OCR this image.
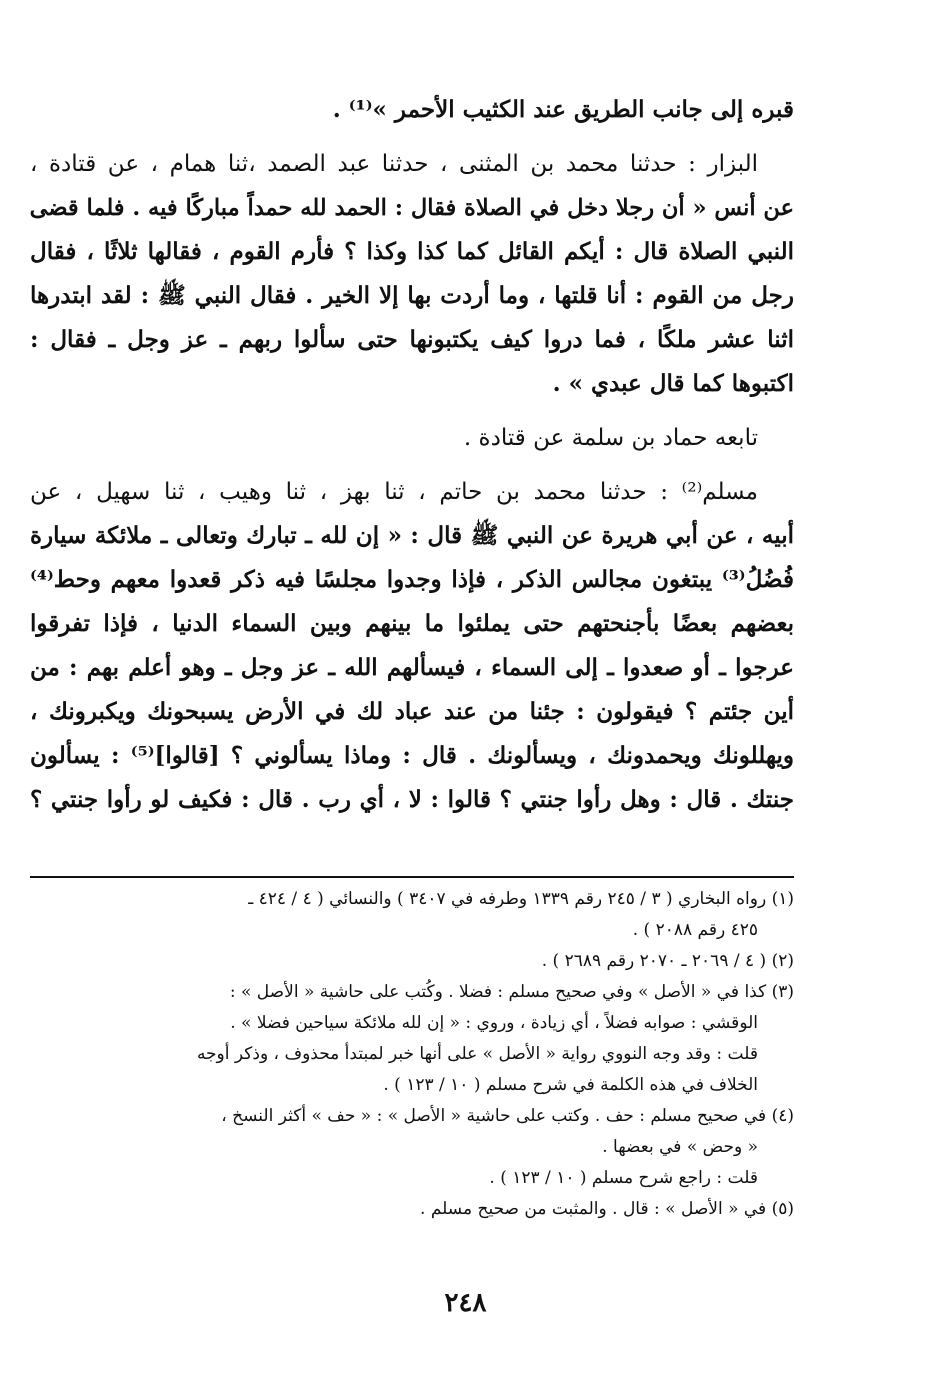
قبره إلى جانب الطريق عند الكثيب الأحمر »⁽¹⁾ .
البزار : حدثنا محمد بن المثنى ، حدثنا عبد الصمد ،ثنا همام ، عن قتادة ،
عن أنس « أن رجلا دخل في الصلاة فقال : الحمد لله حمداً مباركًا فيه . فلما قضى
النبي الصلاة قال : أيكم القائل كما كذا وكذا ؟ فأرم القوم ، فقالها ثلاثًا ، فقال
رجل من القوم : أنا قلتها ، وما أردت بها إلا الخير . فقال النبي ﷺ : لقد ابتدرها
اثنا عشر ملكًا ، فما دروا كيف يكتبونها حتى سألوا ربهم ـ عز وجل ـ فقال :
اكتبوها كما قال عبدي » .
تابعه حماد بن سلمة عن قتادة .
مسلم⁽²⁾ : حدثنا محمد بن حاتم ، ثنا بهز ، ثنا وهيب ، ثنا سهيل ، عن
أبيه ، عن أبي هريرة عن النبي ﷺ قال : « إن لله ـ تبارك وتعالى ـ ملائكة سيارة
فُضُلُ⁽³⁾ يبتغون مجالس الذكر ، فإذا وجدوا مجلسًا فيه ذكر قعدوا معهم وحط⁽⁴⁾
بعضهم بعضًا بأجنحتهم حتى يملئوا ما بينهم وبين السماء الدنيا ، فإذا تفرقوا
عرجوا ـ أو صعدوا ـ إلى السماء ، فيسألهم الله ـ عز وجل ـ وهو أعلم بهم : من
أين جئتم ؟ فيقولون : جئنا من عند عباد لك في الأرض يسبحونك ويكبرونك ،
ويهللونك ويحمدونك ، ويسألونك . قال : وماذا يسألوني ؟ [قالوا]⁽⁵⁾ : يسألون
جنتك . قال : وهل رأوا جنتي ؟ قالوا : لا ، أي رب . قال : فكيف لو رأوا جنتي ؟
(١) رواه البخاري ( ٣ / ٢٤٥ رقم ١٣٣٩ وطرفه في ٣٤٠٧ ) والنسائي ( ٤ / ٤٢٤ ـ
٤٢٥ رقم ٢٠٨٨ ) .
(٢) ( ٤ / ٢٠٦٩ ـ ٢٠٧٠ رقم ٢٦٨٩ ) .
(٣) كذا في « الأصل » وفي صحيح مسلم : فضلا . وكُتب على حاشية « الأصل » :
الوقشي : صوابه فضلاً ، أي زيادة ، وروي : « إن لله ملائكة سياحين فضلا » .
قلت : وقد وجه النووي رواية « الأصل » على أنها خبر لمبتدأ محذوف ، وذكر أوجه
الخلاف في هذه الكلمة في شرح مسلم ( ١٠ / ١٢٣ ) .
(٤) في صحيح مسلم : حف . وكتب على حاشية « الأصل » : « حف » أكثر النسخ ،
« وحض » في بعضها .
قلت : راجع شرح مسلم ( ١٠ / ١٢٣ ) .
(٥) في « الأصل » : قال . والمثبت من صحيح مسلم .
٢٤٨
